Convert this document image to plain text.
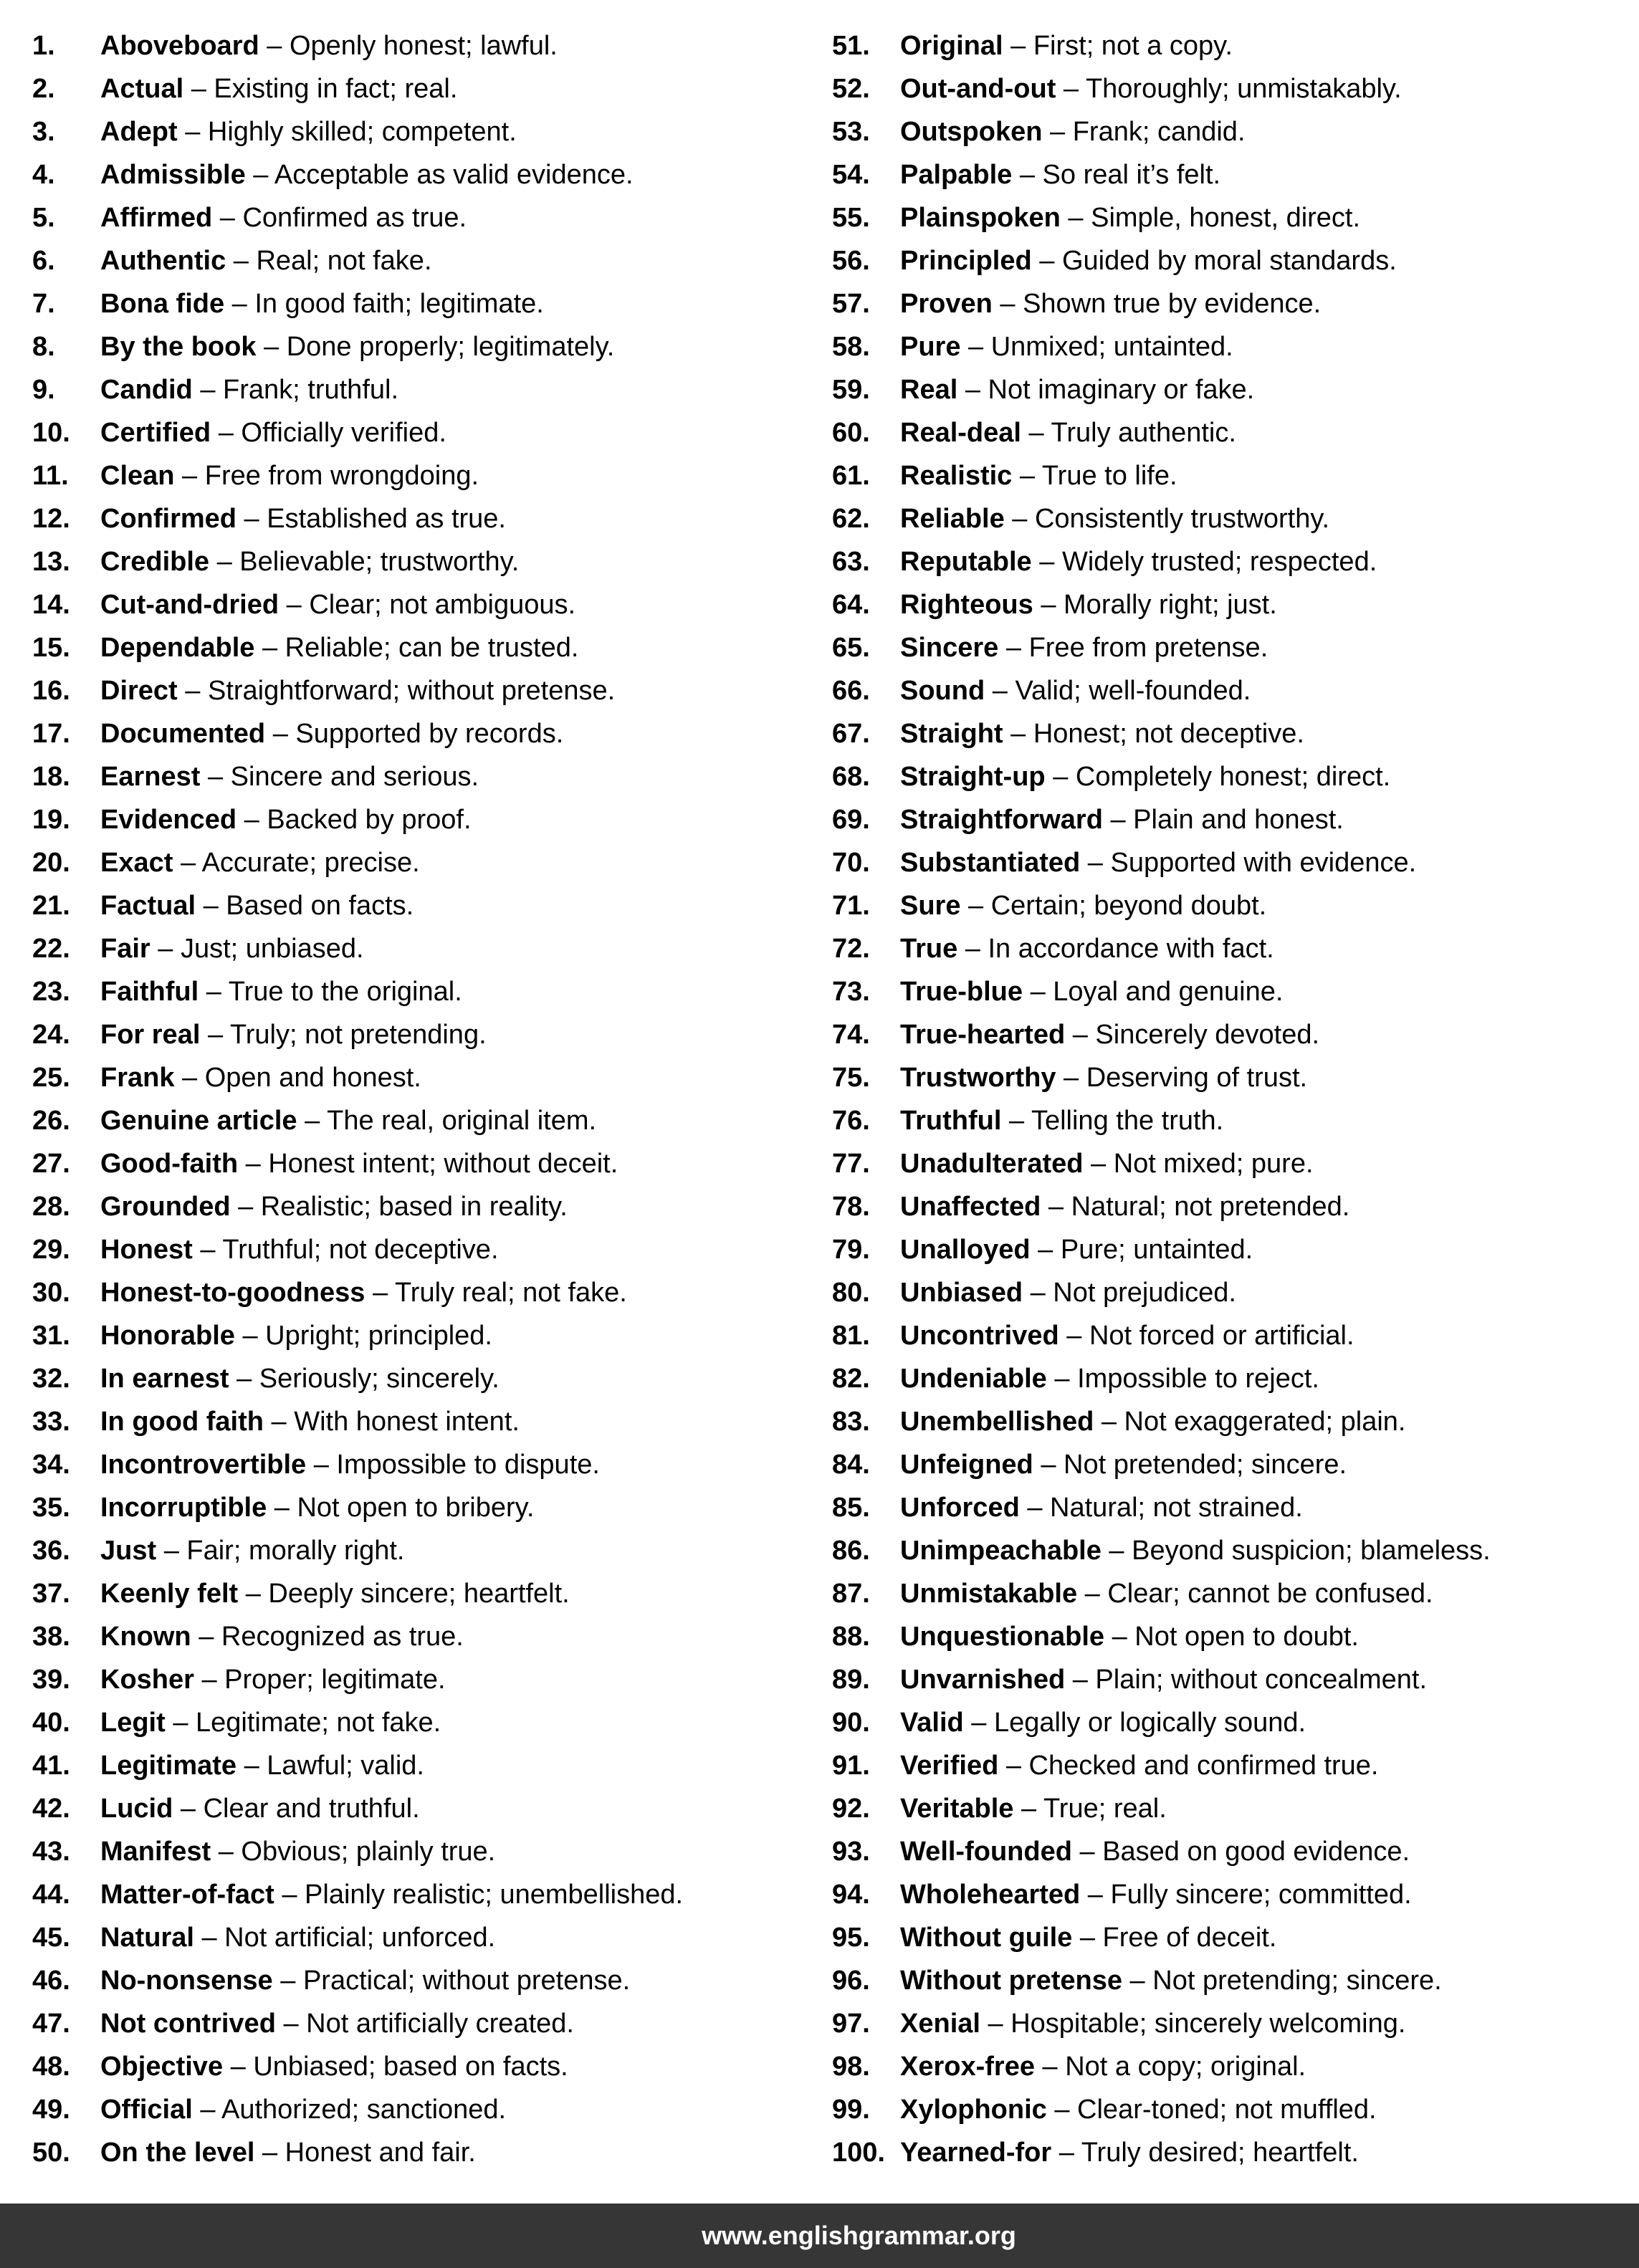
1. Aboveboard – Openly honest; lawful.
2. Actual – Existing in fact; real.
3. Adept – Highly skilled; competent.
4. Admissible – Acceptable as valid evidence.
5. Affirmed – Confirmed as true.
6. Authentic – Real; not fake.
7. Bona fide – In good faith; legitimate.
8. By the book – Done properly; legitimately.
9. Candid – Frank; truthful.
10. Certified – Officially verified.
11. Clean – Free from wrongdoing.
12. Confirmed – Established as true.
13. Credible – Believable; trustworthy.
14. Cut-and-dried – Clear; not ambiguous.
15. Dependable – Reliable; can be trusted.
16. Direct – Straightforward; without pretense.
17. Documented – Supported by records.
18. Earnest – Sincere and serious.
19. Evidenced – Backed by proof.
20. Exact – Accurate; precise.
21. Factual – Based on facts.
22. Fair – Just; unbiased.
23. Faithful – True to the original.
24. For real – Truly; not pretending.
25. Frank – Open and honest.
26. Genuine article – The real, original item.
27. Good-faith – Honest intent; without deceit.
28. Grounded – Realistic; based in reality.
29. Honest – Truthful; not deceptive.
30. Honest-to-goodness – Truly real; not fake.
31. Honorable – Upright; principled.
32. In earnest – Seriously; sincerely.
33. In good faith – With honest intent.
34. Incontrovertible – Impossible to dispute.
35. Incorruptible – Not open to bribery.
36. Just – Fair; morally right.
37. Keenly felt – Deeply sincere; heartfelt.
38. Known – Recognized as true.
39. Kosher – Proper; legitimate.
40. Legit – Legitimate; not fake.
41. Legitimate – Lawful; valid.
42. Lucid – Clear and truthful.
43. Manifest – Obvious; plainly true.
44. Matter-of-fact – Plainly realistic; unembellished.
45. Natural – Not artificial; unforced.
46. No-nonsense – Practical; without pretense.
47. Not contrived – Not artificially created.
48. Objective – Unbiased; based on facts.
49. Official – Authorized; sanctioned.
50. On the level – Honest and fair.
51. Original – First; not a copy.
52. Out-and-out – Thoroughly; unmistakably.
53. Outspoken – Frank; candid.
54. Palpable – So real it’s felt.
55. Plainspoken – Simple, honest, direct.
56. Principled – Guided by moral standards.
57. Proven – Shown true by evidence.
58. Pure – Unmixed; untainted.
59. Real – Not imaginary or fake.
60. Real-deal – Truly authentic.
61. Realistic – True to life.
62. Reliable – Consistently trustworthy.
63. Reputable – Widely trusted; respected.
64. Righteous – Morally right; just.
65. Sincere – Free from pretense.
66. Sound – Valid; well-founded.
67. Straight – Honest; not deceptive.
68. Straight-up – Completely honest; direct.
69. Straightforward – Plain and honest.
70. Substantiated – Supported with evidence.
71. Sure – Certain; beyond doubt.
72. True – In accordance with fact.
73. True-blue – Loyal and genuine.
74. True-hearted – Sincerely devoted.
75. Trustworthy – Deserving of trust.
76. Truthful – Telling the truth.
77. Unadulterated – Not mixed; pure.
78. Unaffected – Natural; not pretended.
79. Unalloyed – Pure; untainted.
80. Unbiased – Not prejudiced.
81. Uncontrived – Not forced or artificial.
82. Undeniable – Impossible to reject.
83. Unembellished – Not exaggerated; plain.
84. Unfeigned – Not pretended; sincere.
85. Unforced – Natural; not strained.
86. Unimpeachable – Beyond suspicion; blameless.
87. Unmistakable – Clear; cannot be confused.
88. Unquestionable – Not open to doubt.
89. Unvarnished – Plain; without concealment.
90. Valid – Legally or logically sound.
91. Verified – Checked and confirmed true.
92. Veritable – True; real.
93. Well-founded – Based on good evidence.
94. Wholehearted – Fully sincere; committed.
95. Without guile – Free of deceit.
96. Without pretense – Not pretending; sincere.
97. Xenial – Hospitable; sincerely welcoming.
98. Xerox-free – Not a copy; original.
99. Xylophonic – Clear-toned; not muffled.
100. Yearned-for – Truly desired; heartfelt.
www.englishgrammar.org
